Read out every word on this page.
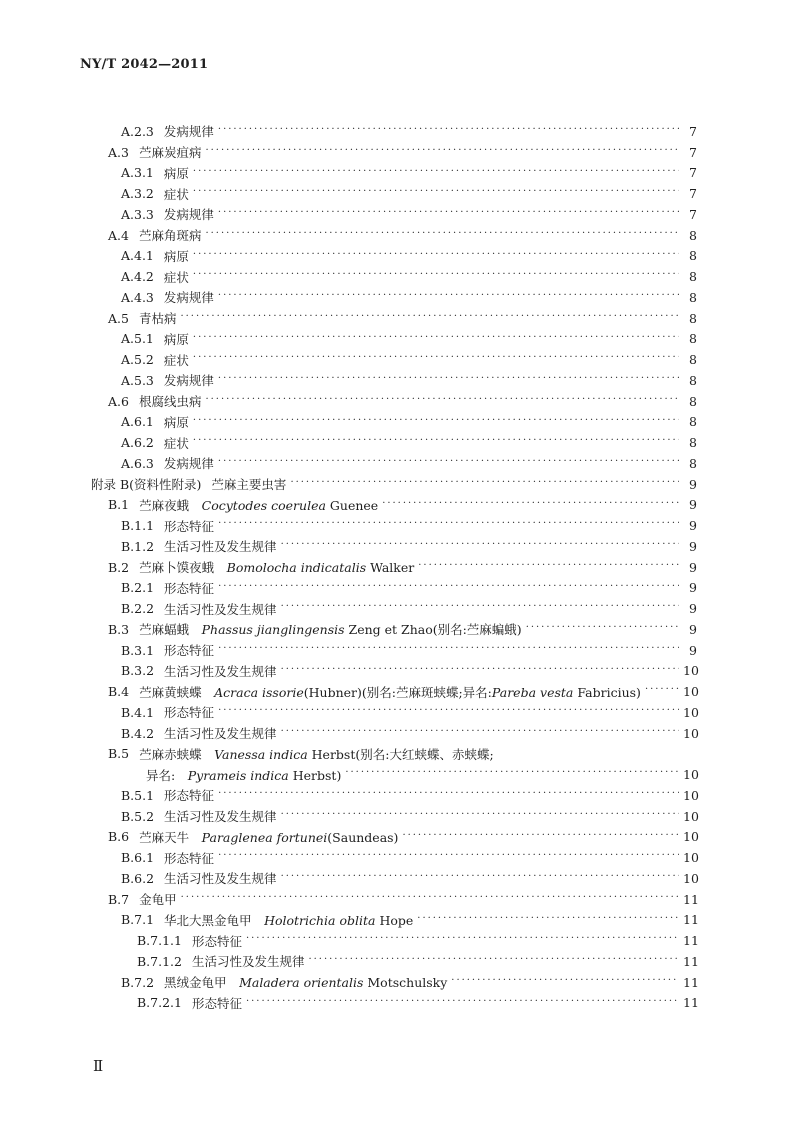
NY/T 2042—2011
A.2.3 发病规律 · · ·	7
A.3 苎麻炭疽病 · · ·	7
A.3.1 病原 · · ·	7
A.3.2 症状 · · ·	7
A.3.3 发病规律 · · ·	7
A.4 苎麻角斑病 · · ·	8
A.4.1 病原 · · ·	8
A.4.2 症状 · · ·	8
A.4.3 发病规律 · · ·	8
A.5 青枯病 · · ·	8
A.5.1 病原 · · ·	8
A.5.2 症状 · · ·	8
A.5.3 发病规律 · · ·	8
A.6 根腐线虫病 · · ·	8
A.6.1 病原 · · ·	8
A.6.2 症状 · · ·	8
A.6.3 发病规律 · · ·	8
附录 B(资料性附录) 苎麻主要虫害 · · ·	9
B.1 苎麻夜蛾  Cocytodes coerulea Guenee · · ·	9
B.1.1 形态特征 · · ·	9
B.1.2 生活习性及发生规律 · · ·	9
B.2 苎麻卜馍夜蛾  Bomolocha indicatalis Walker · · ·	9
B.2.1 形态特征 · · ·	9
B.2.2 生活习性及发生规律 · · ·	9
B.3 苎麻蝠蛾  Phassus jianglingensis Zeng et Zhao(别名:苎麻蝙蛾) · · ·	9
B.3.1 形态特征 · · ·	9
B.3.2 生活习性及发生规律 · · ·	10
B.4 苎麻黄蛱蝶  Acraca issorie(Hubner)(别名:苎麻斑蛱蝶;异名:Pareba vesta Fabricius) · · ·	10
B.4.1 形态特征 · · ·	10
B.4.2 生活习性及发生规律 · · ·	10
B.5 苎麻赤蛱蝶  Vanessa indica Herbst(别名:大红蛱蝶、赤蛱蝶;
异名:  Pyrameis indica Herbst) · · ·	10
B.5.1 形态特征 · · ·	10
B.5.2 生活习性及发生规律 · · ·	10
B.6 苎麻天牛  Paraglenea fortunei(Saundeas) · · ·	10
B.6.1 形态特征 · · ·	10
B.6.2 生活习性及发生规律 · · ·	10
B.7 金龟甲 · · ·	11
B.7.1 华北大黑金龟甲  Holotrichia oblita Hope · · ·	11
B.7.1.1 形态特征 · · ·	11
B.7.1.2 生活习性及发生规律 · · ·	11
B.7.2 黑绒金龟甲  Maladera orientalis Motschulsky · · ·	11
B.7.2.1 形态特征 · · ·	11
Ⅱ
